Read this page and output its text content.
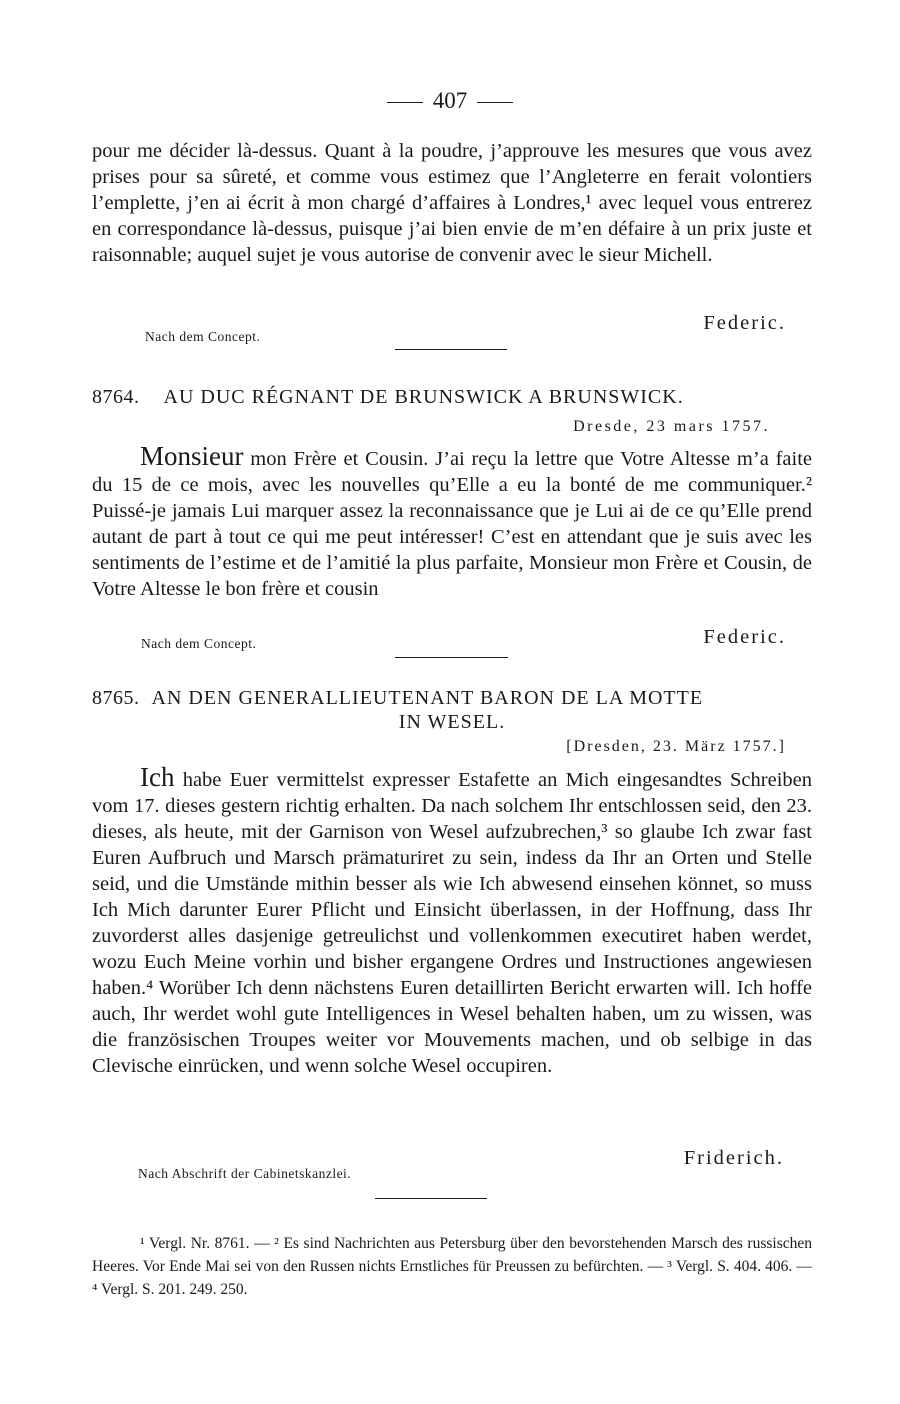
407
pour me décider là-dessus. Quant à la poudre, j’approuve les mesures que vous avez prises pour sa sûreté, et comme vous estimez que l’Angleterre en ferait volontiers l’emplette, j’en ai écrit à mon chargé d’affaires à Londres,¹ avec lequel vous entrerez en correspondance là-dessus, puisque j’ai bien envie de m’en défaire à un prix juste et raisonnable; auquel sujet je vous autorise de convenir avec le sieur Michell.
Federic.
Nach dem Concept.
8764. AU DUC RÉGNANT DE BRUNSWICK A BRUNSWICK.
Dresde, 23 mars 1757.
Monsieur mon Frère et Cousin. J’ai reçu la lettre que Votre Altesse m’a faite du 15 de ce mois, avec les nouvelles qu’Elle a eu la bonté de me communiquer.² Puissé-je jamais Lui marquer assez la reconnaissance que je Lui ai de ce qu’Elle prend autant de part à tout ce qui me peut intéresser! C’est en attendant que je suis avec les sentiments de l’estime et de l’amitié la plus parfaite, Monsieur mon Frère et Cousin, de Votre Altesse le bon frère et cousin
Federic.
Nach dem Concept.
8765. AN DEN GENERALLIEUTENANT BARON DE LA MOTTE
IN WESEL.
[Dresden, 23. März 1757.]
Ich habe Euer vermittelst expresser Estafette an Mich eingesandtes Schreiben vom 17. dieses gestern richtig erhalten. Da nach solchem Ihr entschlossen seid, den 23. dieses, als heute, mit der Garnison von Wesel aufzubrechen,³ so glaube Ich zwar fast Euren Aufbruch und Marsch prämaturiret zu sein, indess da Ihr an Orten und Stelle seid, und die Umstände mithin besser als wie Ich abwesend einsehen könnet, so muss Ich Mich darunter Eurer Pflicht und Einsicht überlassen, in der Hoffnung, dass Ihr zuvorderst alles dasjenige getreulichst und vollenkommen executiret haben werdet, wozu Euch Meine vorhin und bisher ergangene Ordres und Instructiones angewiesen haben.⁴ Worüber Ich denn nächstens Euren detaillirten Bericht erwarten will. Ich hoffe auch, Ihr werdet wohl gute Intelligences in Wesel behalten haben, um zu wissen, was die französischen Troupes weiter vor Mouvements machen, und ob selbige in das Clevische einrücken, und wenn solche Wesel occupiren.
Friderich.
Nach Abschrift der Cabinetskanzlei.
¹ Vergl. Nr. 8761. — ² Es sind Nachrichten aus Petersburg über den bevorstehenden Marsch des russischen Heeres. Vor Ende Mai sei von den Russen nichts Ernstliches für Preussen zu befürchten. — ³ Vergl. S. 404. 406. — ⁴ Vergl. S. 201. 249. 250.
